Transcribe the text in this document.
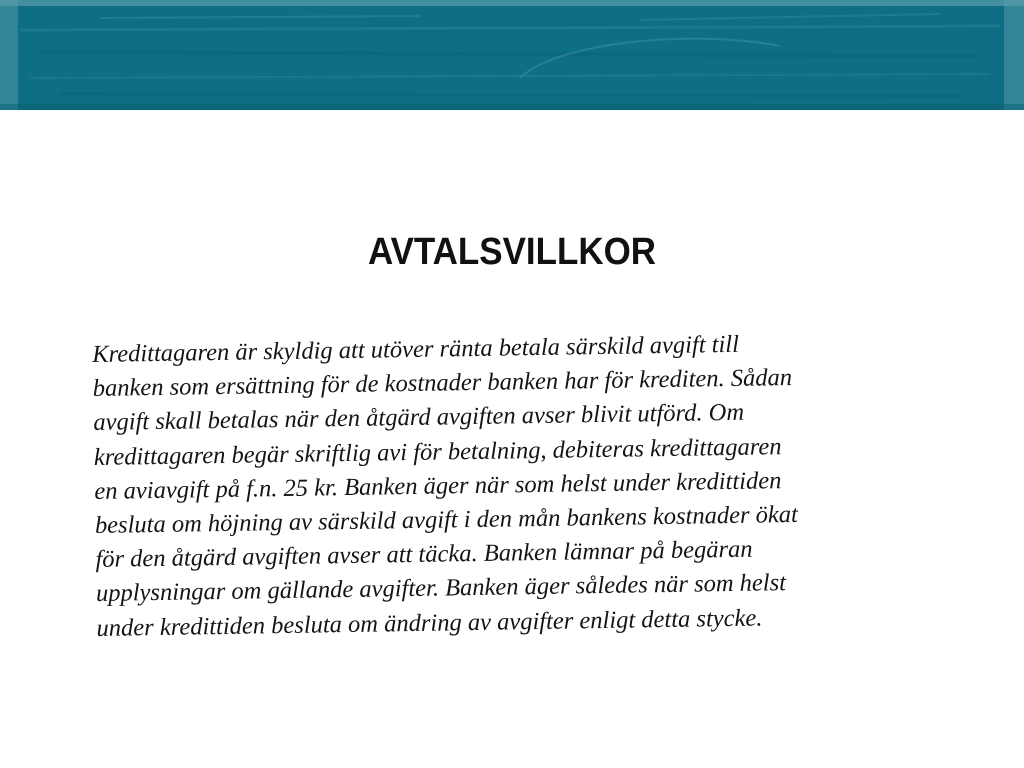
AVTALSVILLKOR
Kredittagaren är skyldig att utöver ränta betala särskild avgift till
banken som ersättning för de kostnader banken har för krediten. Sådan
avgift skall betalas när den åtgärd avgiften avser blivit utförd. Om
kredittagaren begär skriftlig avi för betalning, debiteras kredittagaren
en aviavgift på f.n. 25 kr. Banken äger när som helst under kredittiden
besluta om höjning av särskild avgift i den mån bankens kostnader ökat
för den åtgärd avgiften avser att täcka. Banken lämnar på begäran
upplysningar om gällande avgifter. Banken äger således när som helst
under kredittiden besluta om ändring av avgifter enligt detta stycke.
